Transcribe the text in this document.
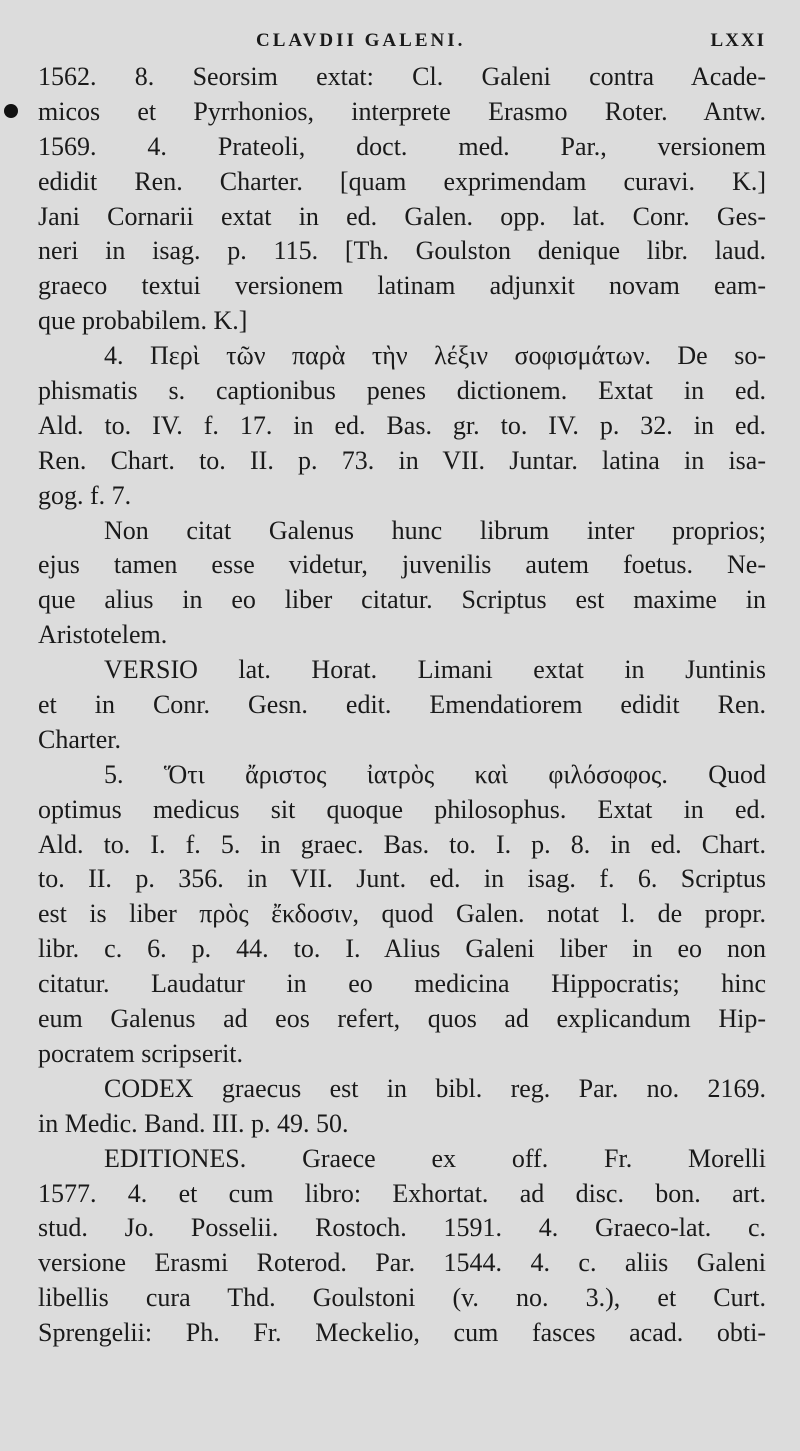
CLAVDII GALENI.	LXXI
1562. 8. Seorsim extat: Cl. Galeni contra Acade-
micos et Pyrrhonios, interprete Erasmo Roter. Antw.
1569. 4. Prateoli, doct. med. Par., versionem
edidit Ren. Charter. [quam exprimendam curavi. K.]
Jani Cornarii extat in ed. Galen. opp. lat. Conr. Ges-
neri in isag. p. 115. [Th. Goulston denique libr. laud.
graeco textui versionem latinam adjunxit novam eam-
que probabilem. K.]
4. Περὶ τῶν παρὰ τὴν λέξιν σοφισμάτων. De so-
phismatis s. captionibus penes dictionem. Extat in ed.
Ald. to. IV. f. 17. in ed. Bas. gr. to. IV. p. 32. in ed.
Ren. Chart. to. II. p. 73. in VII. Juntar. latina in isa-
gog. f. 7.
Non citat Galenus hunc librum inter proprios;
ejus tamen esse videtur, juvenilis autem foetus. Ne-
que alius in eo liber citatur. Scriptus est maxime in
Aristotelem.
VERSIO lat. Horat. Limani extat in Juntinis
et in Conr. Gesn. edit. Emendatiorem edidit Ren.
Charter.
5. Ὅτι ἄριστος ἰατρὸς καὶ φιλόσοφος. Quod
optimus medicus sit quoque philosophus. Extat in ed.
Ald. to. I. f. 5. in graec. Bas. to. I. p. 8. in ed. Chart.
to. II. p. 356. in VII. Junt. ed. in isag. f. 6. Scriptus
est is liber πρὸς ἔκδοσιν, quod Galen. notat l. de propr.
libr. c. 6. p. 44. to. I. Alius Galeni liber in eo non
citatur. Laudatur in eo medicina Hippocratis; hinc
eum Galenus ad eos refert, quos ad explicandum Hip-
pocratem scripserit.
CODEX graecus est in bibl. reg. Par. no. 2169.
in Medic. Band. III. p. 49. 50.
EDITIONES. Graece ex off. Fr. Morelli
1577. 4. et cum libro: Exhortat. ad disc. bon. art.
stud. Jo. Posselii. Rostoch. 1591. 4. Graeco-lat. c.
versione Erasmi Roterod. Par. 1544. 4. c. aliis Galeni
libellis cura Thd. Goulstoni (v. no. 3.), et Curt.
Sprengelii: Ph. Fr. Meckelio, cum fasces acad. obti-
